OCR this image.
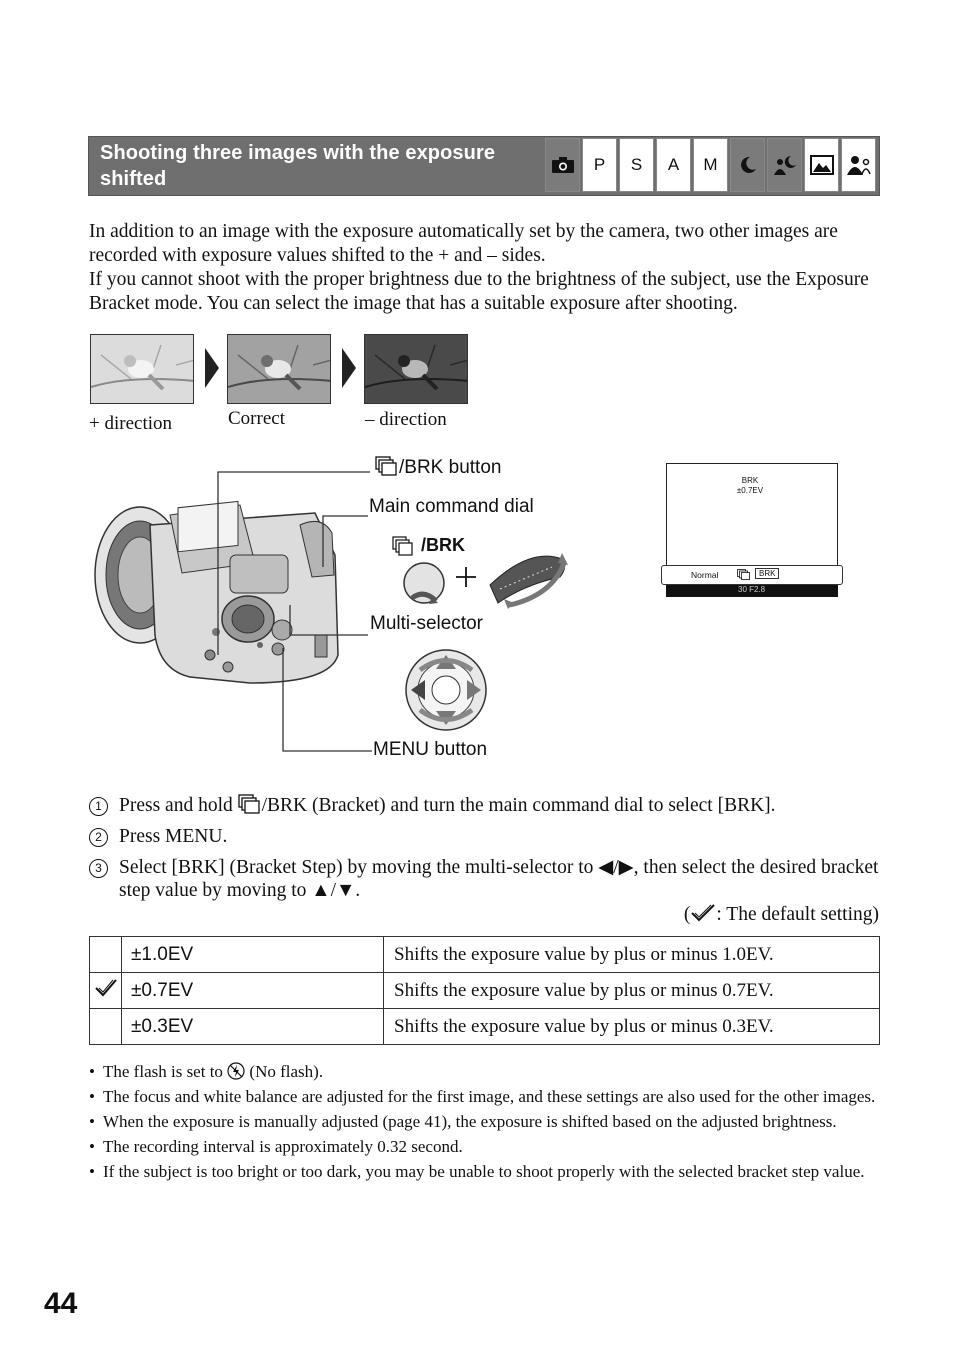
Shooting three images with the exposure shifted
– Exposure Bracket
P	S	A	M

In addition to an image with the exposure automatically set by the camera, two other images are recorded with exposure values shifted to the + and – sides.

If you cannot shoot with the proper brightness due to the brightness of the subject, use the Exposure Bracket mode. You can select the image that has a suitable exposure after shooting.

+ direction	Correct	– direction
/BRK button
Main command dial
/BRK
Multi-selector
MENU button
BRK
±0.7EV
30 F2.8
Normal	BRK
1 Press and hold /BRK (Bracket) and turn the main command dial to select [BRK].
2 Press MENU.
3 Select [BRK] (Bracket Step) by moving the multi-selector to ◀/▶, then select the desired bracket step value by moving to ▲/▼.
( : The default setting)
	±1.0EV	Shifts the exposure value by plus or minus 1.0EV.
	±0.7EV	Shifts the exposure value by plus or minus 0.7EV.
	±0.3EV	Shifts the exposure value by plus or minus 0.3EV.
• The flash is set to  (No flash).
• The focus and white balance are adjusted for the first image, and these settings are also used for the other images.
• When the exposure is manually adjusted (page 41), the exposure is shifted based on the adjusted brightness.
• The recording interval is approximately 0.32 second.
• If the subject is too bright or too dark, you may be unable to shoot properly with the selected bracket step value.
44
